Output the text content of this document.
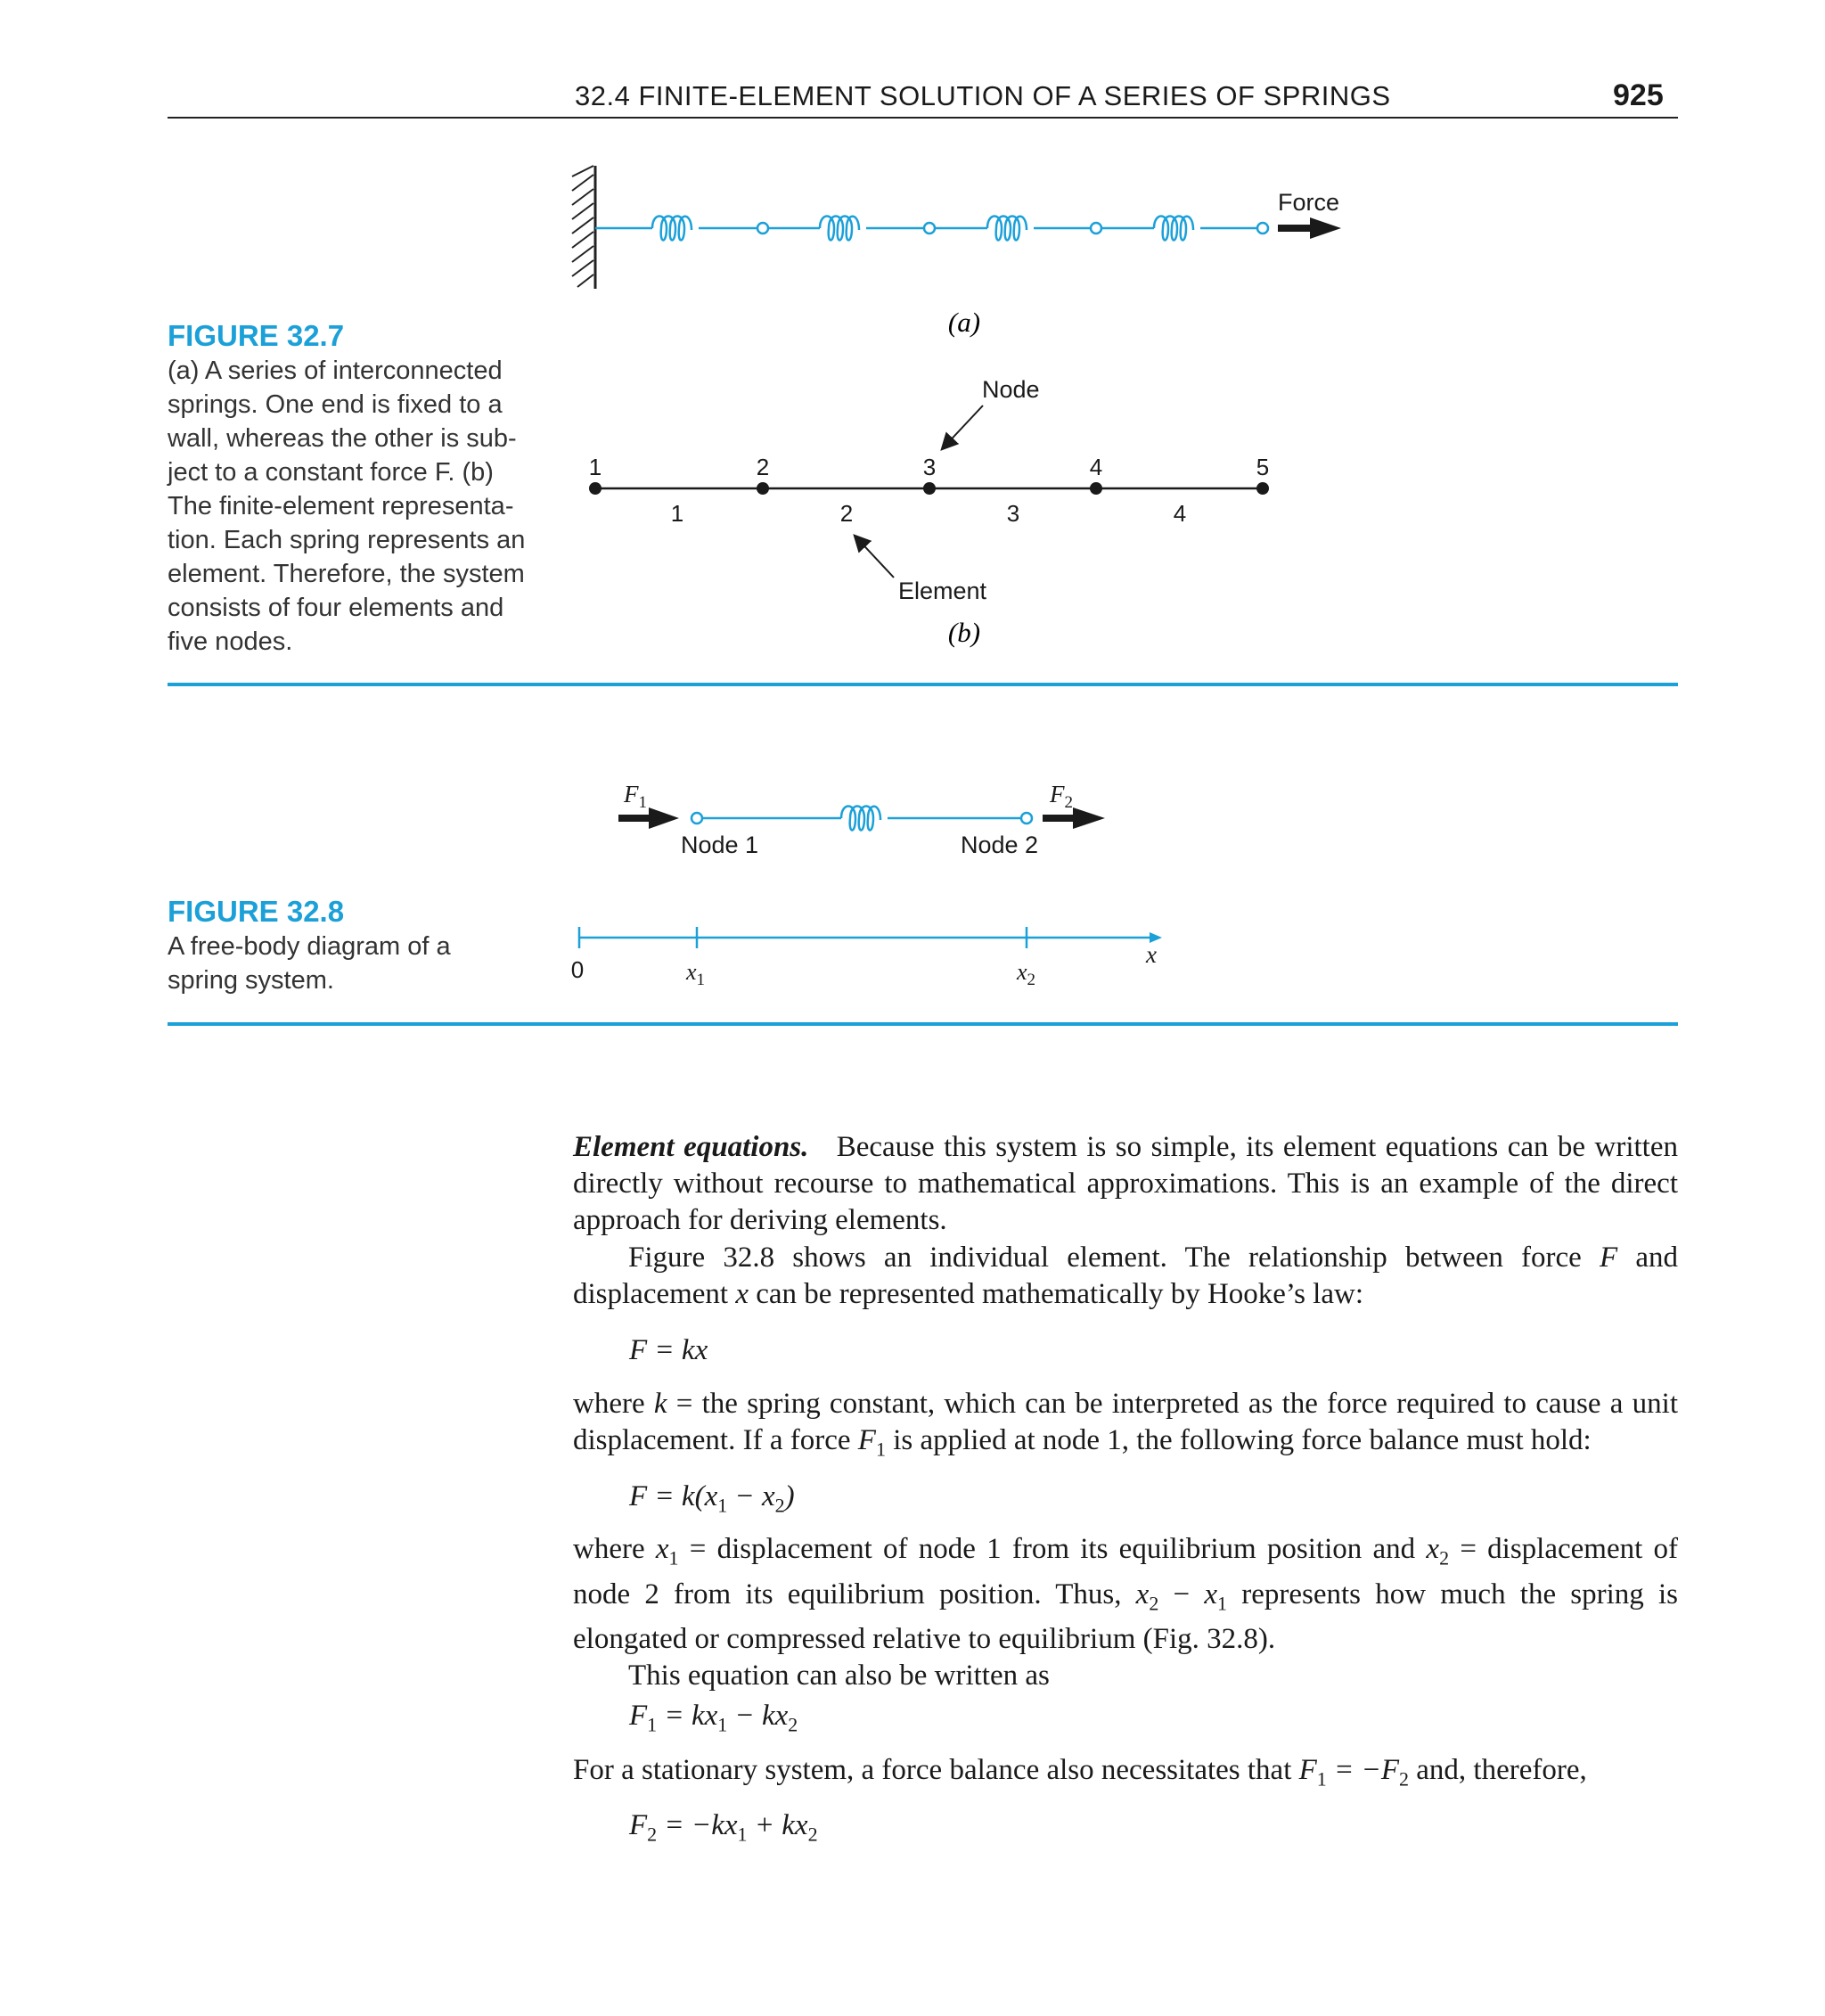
32.4 FINITE-ELEMENT SOLUTION OF A SERIES OF SPRINGS	925
FIGURE 32.7

(a) A series of interconnected

springs. One end is fixed to a

wall, whereas the other is sub-

ject to a constant force F. (b)

The finite-element representa-

tion. Each spring represents an

element. Therefore, the system

consists of four elements and

five nodes.

Force
(a)
1	2	3	4	5
1	2	3	4
Node
Element
(b)
FIGURE 32.8

A free-body diagram of a

spring system.

$F_1$	$F_2$
Node 1	Node 2
0	$x_1$	$x_2$
x

Element equations. Because this system is so simple, its element equations can be written directly without recourse to mathematical approximations. This is an example of the direct approach for deriving elements.

Figure 32.8 shows an individual element. The relationship between force F and displacement x can be represented mathematically by Hooke’s law:

F = kx

where k = the spring constant, which can be interpreted as the force required to cause a unit displacement. If a force $F_1$ is applied at node 1, the following force balance must hold:

$F = k(x_1 - x_2)$

where $x_1$ = displacement of node 1 from its equilibrium position and $x_2$ = displacement of node 2 from its equilibrium position. Thus, $x_2 - x_1$ represents how much the spring is elongated or compressed relative to equilibrium (Fig. 32.8).

This equation can also be written as

$F_1 = kx_1 - kx_2$

For a stationary system, a force balance also necessitates that $F_1 = -F_2$ and, therefore,

$F_2 = -kx_1 + kx_2$
